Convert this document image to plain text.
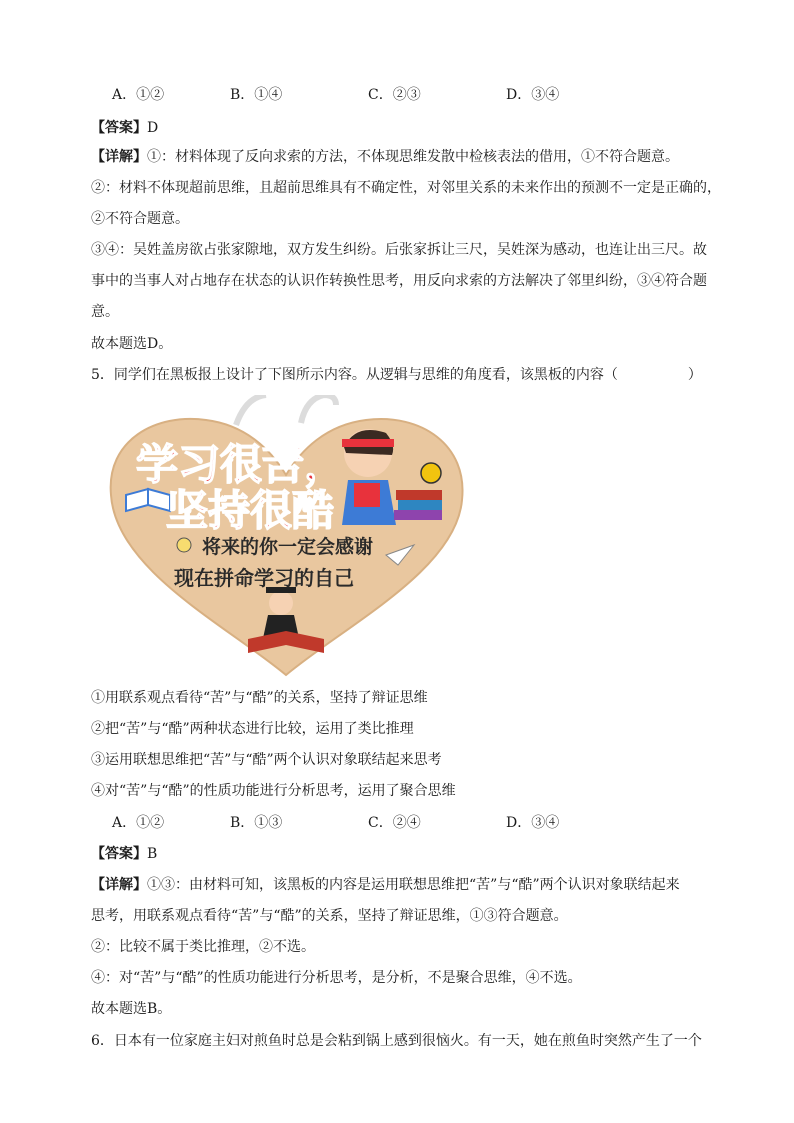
A．①②	B．①④	C．②③	D．③④
【答案】D
【详解】①：材料体现了反向求索的方法，不体现思维发散中检核表法的借用，①不符合题意。
②：材料不体现超前思维，且超前思维具有不确定性，对邻里关系的未来作出的预测不一定是正确的，
②不符合题意。
③④：吴姓盖房欲占张家隙地，双方发生纠纷。后张家拆让三尺，吴姓深为感动，也连让出三尺。故
事中的当事人对占地存在状态的认识作转换性思考，用反向求索的方法解决了邻里纠纷，③④符合题
意。
故本题选D。
5．同学们在黑板报上设计了下图所示内容。从逻辑与思维的角度看，该黑板的内容（　　　　　）
学习很苦，
坚持很酷
将来的你一定会感谢
现在拼命学习的自己
①用联系观点看待“苦”与“酷”的关系，坚持了辩证思维
②把“苦”与“酷”两种状态进行比较，运用了类比推理
③运用联想思维把“苦”与“酷”两个认识对象联结起来思考
④对“苦”与“酷”的性质功能进行分析思考，运用了聚合思维
A．①②	B．①③	C．②④	D．③④
【答案】B
【详解】①③：由材料可知，该黑板的内容是运用联想思维把“苦”与“酷”两个认识对象联结起来
思考，用联系观点看待“苦”与“酷”的关系，坚持了辩证思维，①③符合题意。
②：比较不属于类比推理，②不选。
④：对“苦”与“酷”的性质功能进行分析思考，是分析，不是聚合思维，④不选。
故本题选B。
6．日本有一位家庭主妇对煎鱼时总是会粘到锅上感到很恼火。有一天，她在煎鱼时突然产生了一个
